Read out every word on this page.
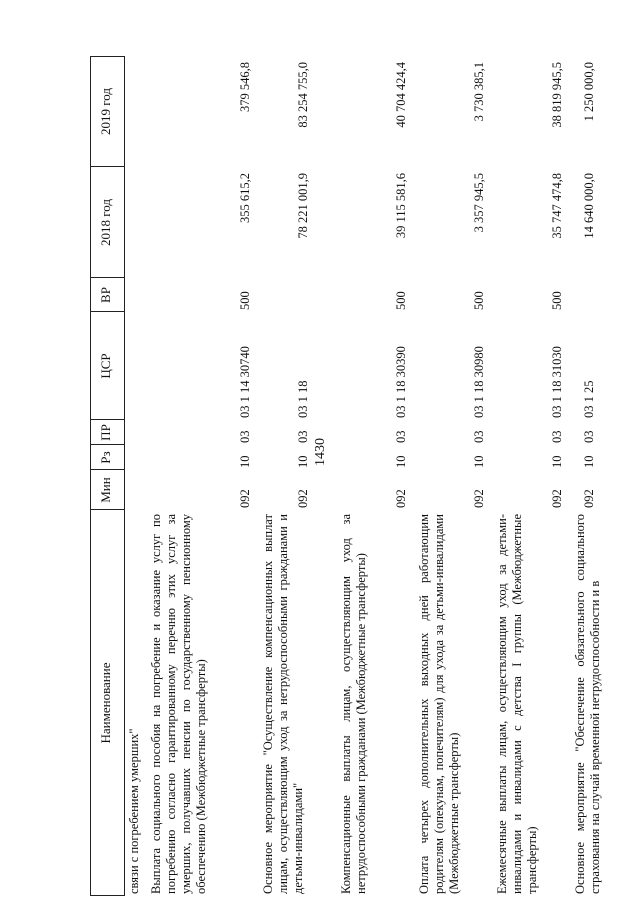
1430
Наименование
Мин
Рз
ПР
ЦСР
ВР
2018 год
2019 год
связи с погребением умерших" Выплата социального пособия на погребение и оказание услуг по погребению согласно гарантированному перечню этих услуг за умерших, получавших пенсии по государственному пенсионному обеспечению (Межбюджетные трансферты)
092
10
03
03 1 14 30740
500
355 615,2
379 546,8
Основное мероприятие "Осуществление компенсационных выплат лицам, осуществляющим уход за нетрудоспособными гражданами и детьми-инвалидами"
092
10
03
03 1 18
78 221 001,9
83 254 755,0
Компенсационные выплаты лицам, осуществляющим уход за нетрудоспособными гражданами (Межбюджетные трансферты)
092
10
03
03 1 18 30390
500
39 115 581,6
40 704 424,4
Оплата четырех дополнительных выходных дней работающим родителям (опекунам, попечителям) для ухода за детьми-инвалидами (Межбюджетные трансферты)
092
10
03
03 1 18 30980
500
3 357 945,5
3 730 385,1
Ежемесячные выплаты лицам, осуществляющим уход за детьми-инвалидами и инвалидами с детства I группы (Межбюджетные трансферты)
092
10
03
03 1 18 31030
500
35 747 474,8
38 819 945,5
Основное мероприятие "Обеспечение обязательного социального страхования на случай временной нетрудоспособности и в
092
10
03
03 1 25
14 640 000,0
1 250 000,0
